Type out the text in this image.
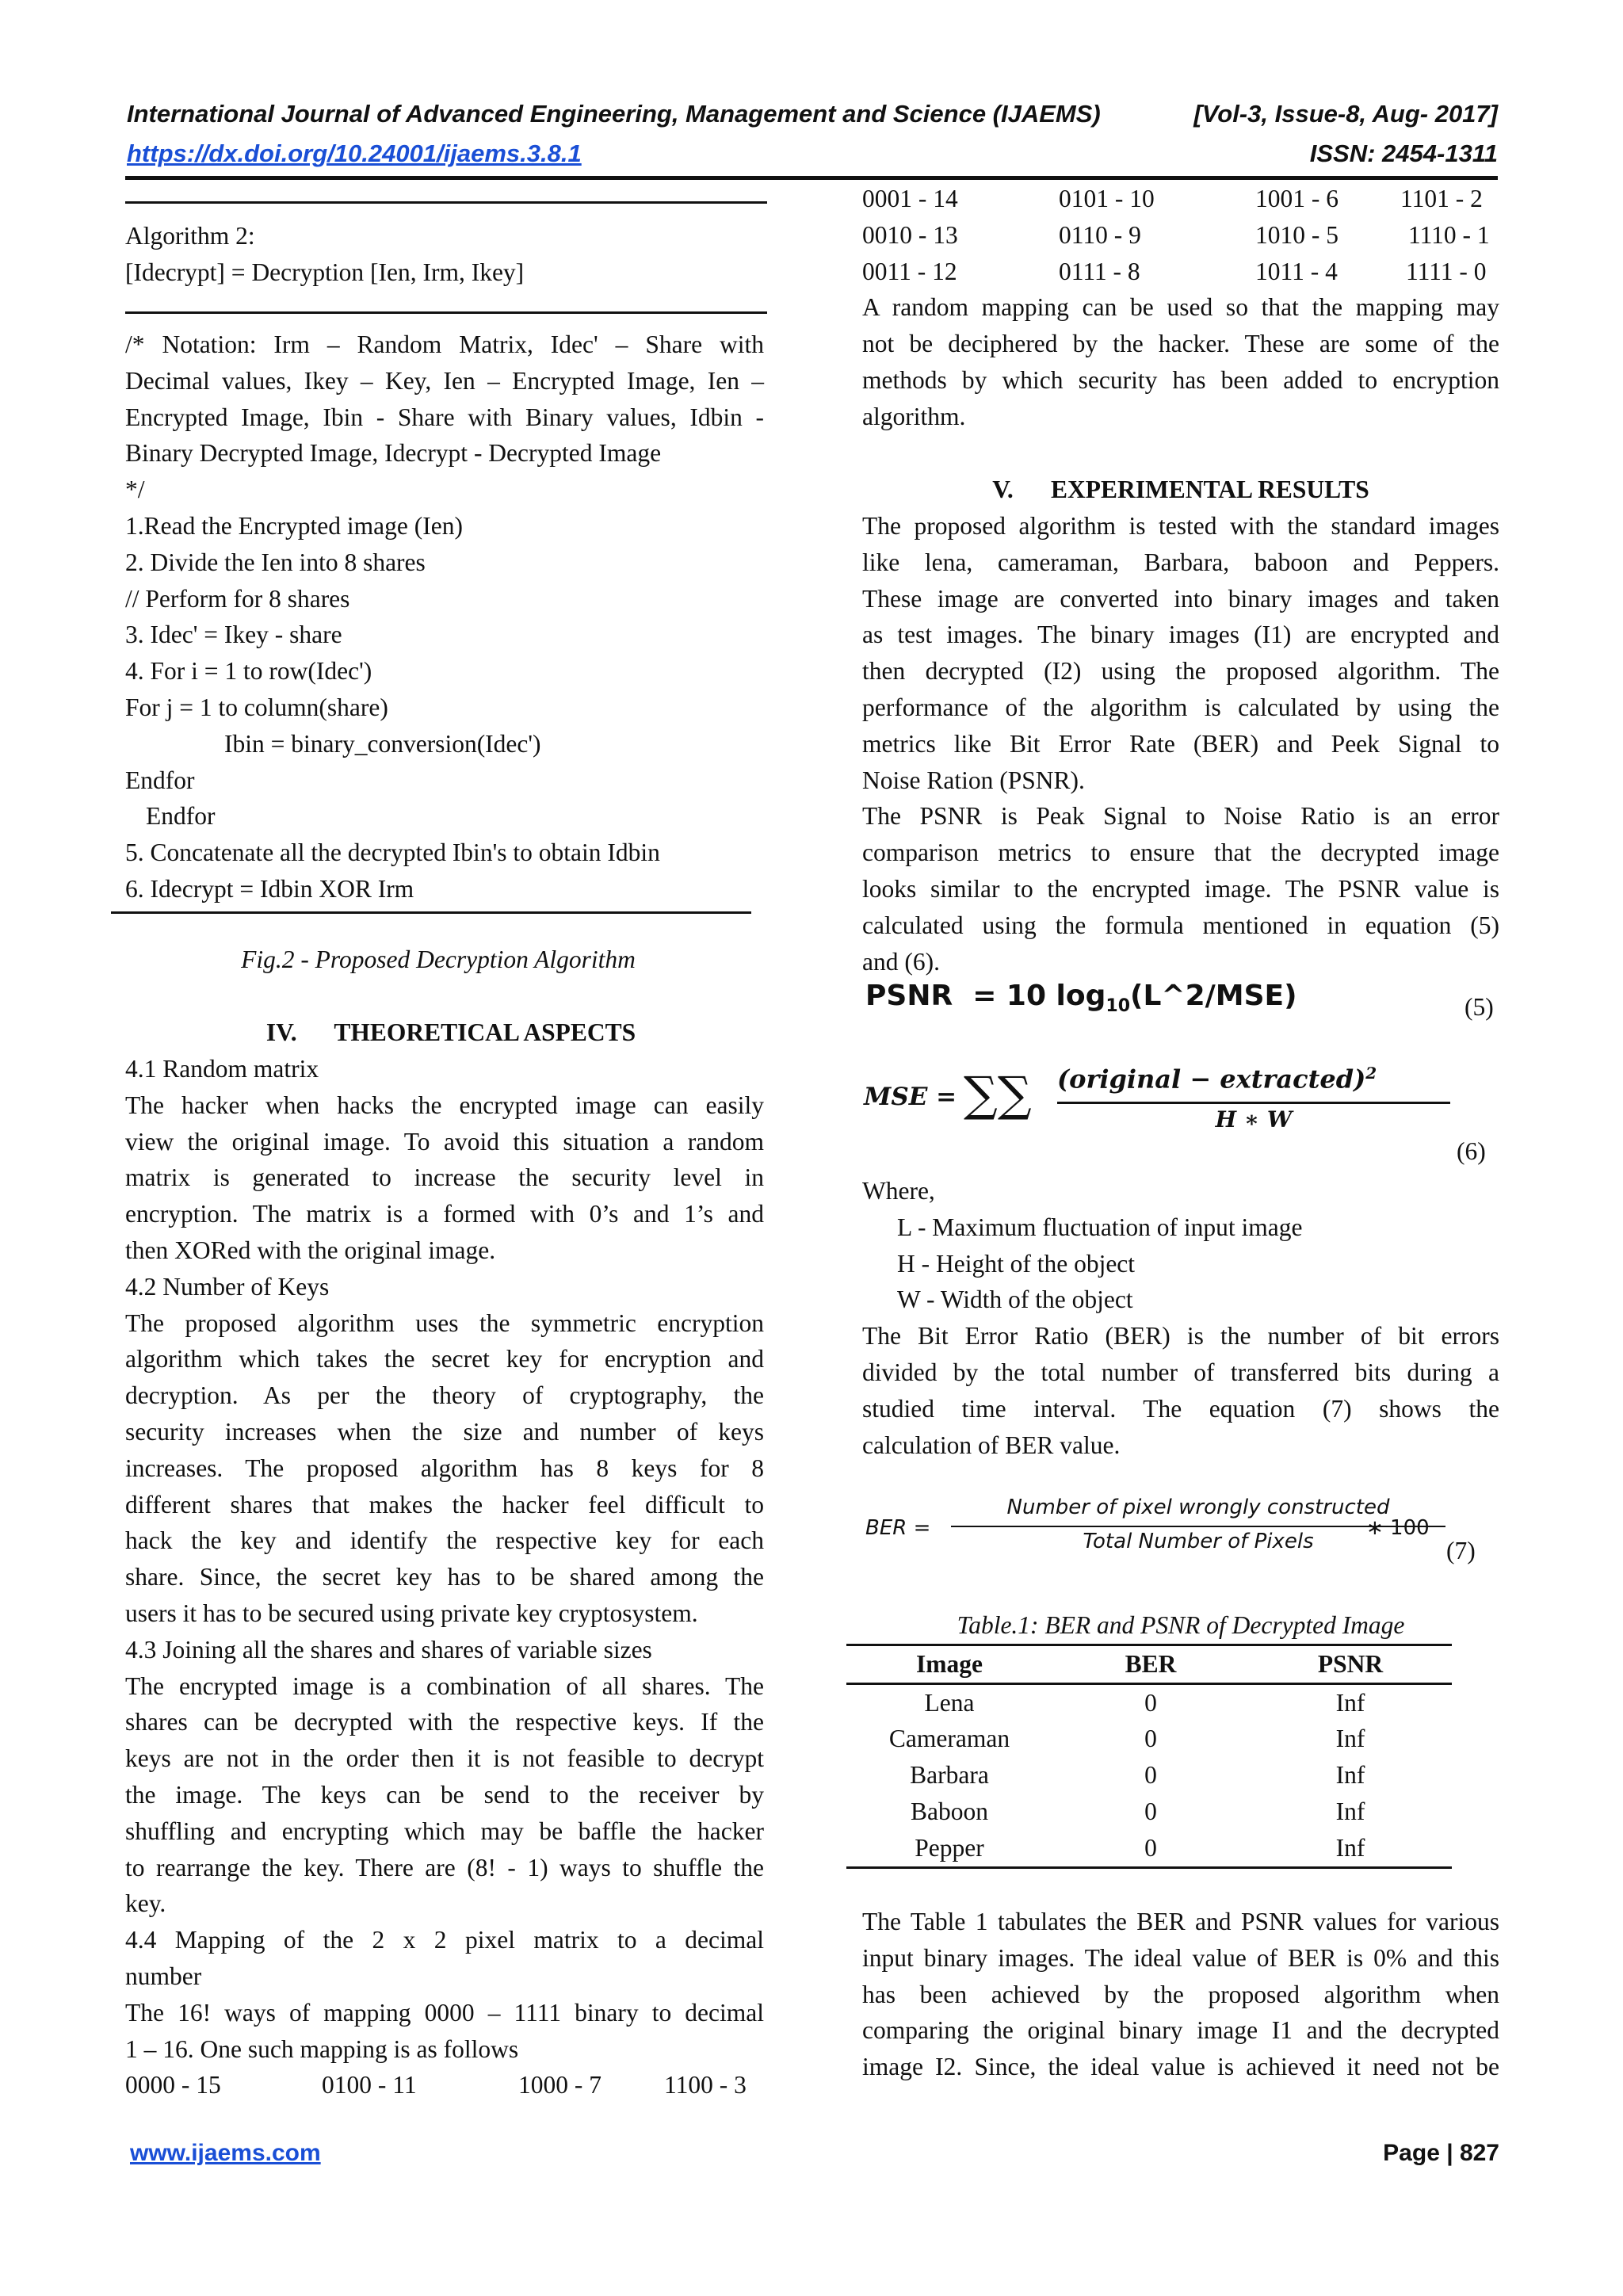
International Journal of Advanced Engineering, Management and Science (IJAEMS)	[Vol-3, Issue-8, Aug- 2017]
https://dx.doi.org/10.24001/ijaems.3.8.1	ISSN: 2454-1311
Algorithm 2:
[Idecrypt] = Decryption [Ien, Irm, Ikey]
/* Notation: Irm – Random Matrix, Idec' – Share with
Decimal values, Ikey – Key, Ien – Encrypted Image, Ien –
Encrypted Image, Ibin - Share with Binary values, Idbin -
Binary Decrypted Image, Idecrypt - Decrypted Image
*/
1.Read the Encrypted image (Ien)
2. Divide the Ien into 8 shares
// Perform for 8 shares
3. Idec' = Ikey - share
4. For i = 1 to row(Idec')
For j = 1 to column(share)
Ibin = binary_conversion(Idec')
Endfor
Endfor
5. Concatenate all the decrypted Ibin's to obtain Idbin
6. Idecrypt = Idbin XOR Irm
Fig.2 - Proposed Decryption Algorithm
IV.      THEORETICAL ASPECTS
4.1 Random matrix
The hacker when hacks the encrypted image can easily
view the original image. To avoid this situation a random
matrix is generated to increase the security level in
encryption. The matrix is a formed with 0’s and 1’s and
then XORed with the original image.
4.2 Number of Keys
The proposed algorithm uses the symmetric encryption
algorithm which takes the secret key for encryption and
decryption. As per the theory of cryptography, the
security increases when the size and number of keys
increases. The proposed algorithm has 8 keys for 8
different shares that makes the hacker feel difficult to
hack the key and identify the respective key for each
share. Since, the secret key has to be shared among the
users it has to be secured using private key cryptosystem.
4.3 Joining all the shares and shares of variable sizes
The encrypted image is a combination of all shares. The
shares can be decrypted with the respective keys. If the
keys are not in the order then it is not feasible to decrypt
the image. The keys can be send to the receiver by
shuffling and encrypting which may be baffle the hacker
to rearrange the key. There are (8! - 1) ways to shuffle the
key.
4.4 Mapping of the 2 x 2 pixel matrix to a decimal
number
The 16! ways of mapping 0000 – 1111 binary to decimal
1 – 16. One such mapping is as follows
0000 - 15	0100 - 11	1000 - 7	1100 - 3
0001 - 14	0101 - 10	1001 - 6	1101 - 2
0010 - 13	0110 - 9	1010 - 5	1110 - 1
0011 - 12	0111 - 8	1011 - 4	1111 - 0
A random mapping can be used so that the mapping may
not be deciphered by the hacker. These are some of the
methods by which security has been added to encryption
algorithm.
V.      EXPERIMENTAL RESULTS
The proposed algorithm is tested with the standard images
like lena, cameraman, Barbara, baboon and Peppers.
These image are converted into binary images and taken
as test images. The binary images (I1) are encrypted and
then decrypted (I2) using the proposed algorithm. The
performance of the algorithm is calculated by using the
metrics like Bit Error Rate (BER) and Peek Signal to
Noise Ration (PSNR).
The PSNR is Peak Signal to Noise Ratio is an error
comparison metrics to ensure that the decrypted image
looks similar to the encrypted image. The PSNR value is
calculated using the formula mentioned in equation (5)
and (6).
PSNR  = 10 $\log_{10}(L\^{}2/MSE)$	(5)
MSE = ∑∑ (original − extracted)$^2$
H ∗ W
(6)
Where,
L - Maximum fluctuation of input image
H - Height of the object
W - Width of the object
The Bit Error Ratio (BER) is the number of bit errors
divided by the total number of transferred bits during a
studied time interval. The equation (7) shows the
calculation of BER value.
BER =
Number of pixel wrongly constructed
Total Number of Pixels
∗ 100
(7)
Table.1: BER and PSNR of Decrypted Image
Image	BER	PSNR
Lena	0	Inf
Cameraman	0	Inf
Barbara	0	Inf
Baboon	0	Inf
Pepper	0	Inf
The Table 1 tabulates the BER and PSNR values for various
input binary images. The ideal value of BER is 0% and this
has been achieved by the proposed algorithm when
comparing the original binary image I1 and the decrypted
image I2. Since, the ideal value is achieved it need not be
www.ijaems.com	Page | 827
